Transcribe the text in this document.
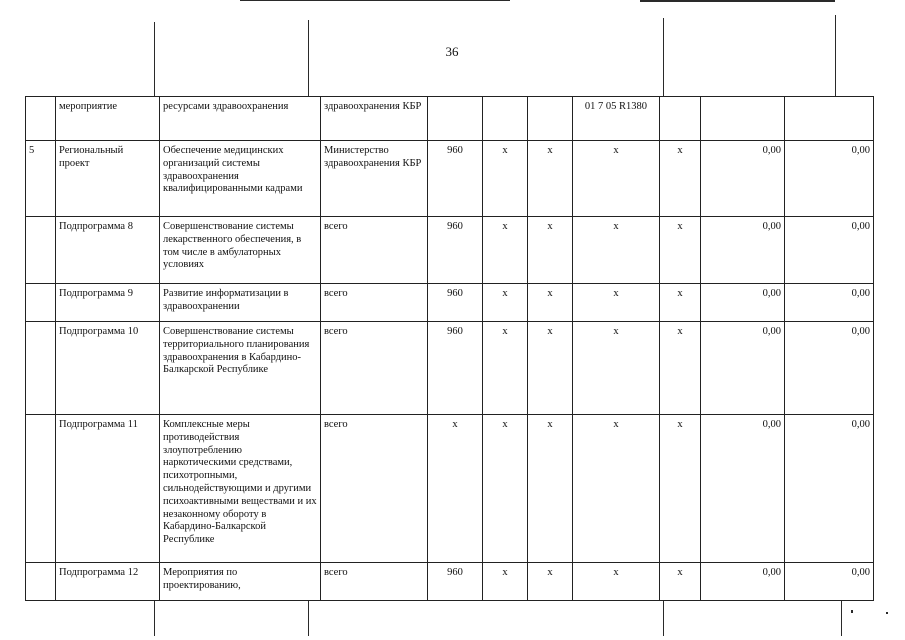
36
	мероприятие	ресурсами здравоохранения	здравоохранения КБР				01 7 05 R1380			
5	Региональный проект	Обеспечение медицинских организаций системы здравоохранения квалифицированными кадрами	Министерство здравоохранения КБР	960	х	х	х	х	0,00	0,00
	Подпрограмма 8	Совершенствование системы лекарственного обеспечения, в том числе в амбулаторных условиях	всего	960	х	х	х	х	0,00	0,00
	Подпрограмма 9	Развитие информатизации в здравоохранении	всего	960	х	х	х	х	0,00	0,00
	Подпрограмма 10	Совершенствование системы территориального планирования здравоохранения в Кабардино-Балкарской Республике	всего	960	х	х	х	х	0,00	0,00
	Подпрограмма 11	Комплексные меры противодействия злоупотреблению наркотическими средствами, психотропными, сильнодействующими и другими психоактивными веществами и их незаконному обороту в Кабардино-Балкарской Республике	всего	х	х	х	х	х	0,00	0,00
	Подпрограмма 12	Мероприятия по проектированию,	всего	960	х	х	х	х	0,00	0,00
